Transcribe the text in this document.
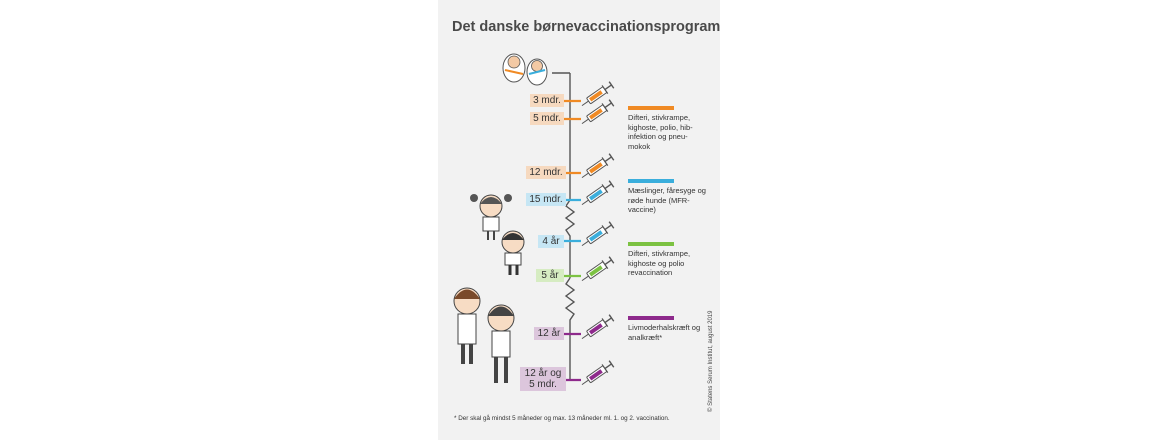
Det danske børnevaccinationsprogram
3 mdr.
5 mdr.
12 mdr.
15 mdr.
4 år
5 år
12 år
12 år og 5 mdr.
Difteri, stivkrampe, kighoste, polio, hib-infektion og pneu-mokok
Mæslinger, fåresyge og røde hunde (MFR-vaccine)
Difteri, stivkrampe, kighoste og polio revaccination
Livmoderhalskræft og analkræft*
* Der skal gå mindst 5 måneder og max. 13 måneder ml. 1. og 2. vaccination.
© Statens Serum Institut, august 2019
